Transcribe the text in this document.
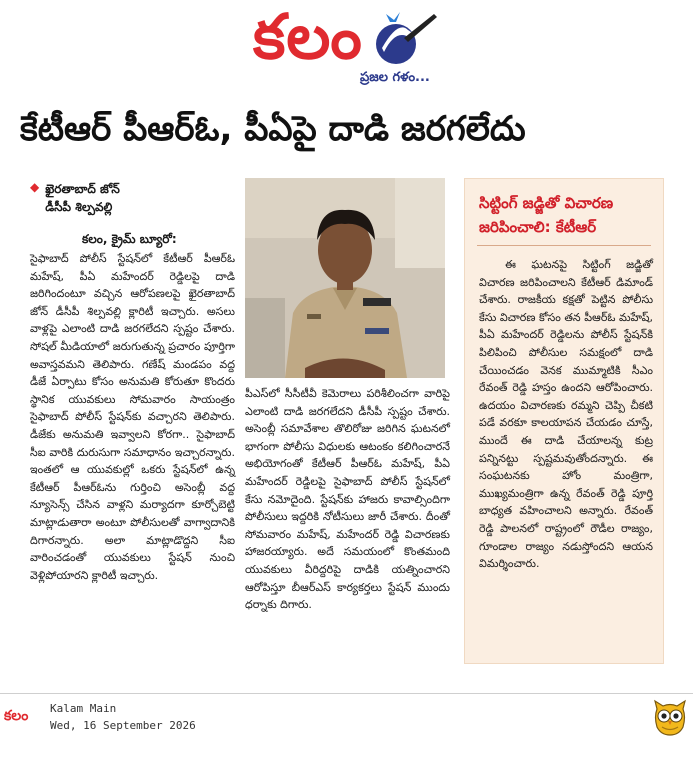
కలం
ప్రజల గళం...
కేటీఆర్ పీఆర్ఓ, పీఏపై దాడి జరగలేదు
◆ ఖైరతాబాద్ జోన్
డీసీపీ శిల్పవల్లి
కలం, క్రైమ్ బ్యూరో:
సైఫాబాద్ పోలీస్ స్టేషన్‌లో కేటీఆర్ పీఆర్ఓ మహేష్, పీఏ మహేందర్ రెడ్డిలపై దాడి జరిగిందంటూ వచ్చిన ఆరోపణలపై ఖైరతాబాద్ జోన్ డీసీపీ శిల్పవల్లి క్లారిటీ ఇచ్చారు. అసలు వాళ్లపై ఎలాంటి దాడి జరగలేదని స్పష్టం చేశారు. సోషల్ మీడియాలో జరుగుతున్న ప్రచారం పూర్తిగా అవాస్తవమని తెలిపారు. గణేష్ మండపం వద్ద డీజే ఏర్పాటు కోసం అనుమతి కోరుతూ కొందరు స్థానిక యువకులు సోమవారం సాయంత్రం సైఫాబాద్ పోలీస్ స్టేషన్‌కు వచ్చారని తెలిపారు. డీజేకు అనుమతి ఇవ్వాలని కోరగా.. సైఫాబాద్ సీఐ వారికి దురుసుగా సమాధానం ఇచ్చారన్నారు. ఇంతలో ఆ యువకుల్లో ఒకరు స్టేషన్‌లో ఉన్న కేటీఆర్ పీఆర్ఓను గుర్తించి అసెంబ్లీ వద్ద న్యూసెన్స్ చేసిన వాళ్లని మర్యాదగా కూర్చోబెట్టి మాట్లాడుతారా అంటూ పోలీసులతో వాగ్వాదానికి దిగారన్నారు. అలా మాట్లాడొద్దని సీఐ వారించడంతో యువకులు స్టేషన్ నుంచి వెళ్లిపోయారని క్లారిటీ ఇచ్చారు.
పీఎస్‌లో సీసీటీవీ కెమెరాలు పరిశీలించగా వారిపై ఎలాంటి దాడి జరగలేదని డీసీపీ స్పష్టం చేశారు. అసెంబ్లీ సమావేశాల తొలిరోజు జరిగిన ఘటనలో భాగంగా పోలీసు విధులకు ఆటంకం కలిగించారనే అభియోగంతో కేటీఆర్ పీఆర్ఓ మహేష్, పీఏ మహేందర్ రెడ్డిలపై సైఫాబాద్ పోలీస్ స్టేషన్‌లో కేసు నమోదైంది. స్టేషన్‌కు హాజరు కావాల్సిందిగా పోలీసులు ఇద్దరికి నోటీసులు జారీ చేశారు. దీంతో సోమవారం మహేష్, మహేందర్ రెడ్డి విచారణకు హాజరయ్యారు. అదే సమయంలో కొంతమంది యువకులు వీరిద్దరిపై దాడికి యత్నించారని ఆరోపిస్తూ బీఆర్ఎస్ కార్యకర్తలు స్టేషన్ ముందు ధర్నాకు దిగారు.
సిట్టింగ్ జడ్జితో విచారణ జరిపించాలి: కేటీఆర్
ఈ ఘటనపై సిట్టింగ్ జడ్జితో విచారణ జరిపించాలని కేటీఆర్ డిమాండ్ చేశారు. రాజకీయ కక్షతో పెట్టిన పోలీసు కేసు విచారణ కోసం తన పీఆర్ఓ మహేష్, పీఏ మహేందర్ రెడ్డిలను పోలీస్ స్టేషన్‌కి పిలిపించి పోలీసుల సమక్షంలో దాడి చేయించడం వెనక ముమ్మాటికి సీఎం రేవంత్ రెడ్డి హస్తం ఉందని ఆరోపించారు. ఉదయం విచారణకు రమ్మని చెప్పి చీకటి పడే వరకూ కాలయాపన చేయడం చూస్తే, ముందే ఈ దాడి చేయాలన్న కుట్ర పన్నినట్టు స్పష్టమవుతోందన్నారు. ఈ సంఘటనకు హోం మంత్రిగా, ముఖ్యమంత్రిగా ఉన్న రేవంత్ రెడ్డి పూర్తి బాధ్యత వహించాలని అన్నారు. రేవంత్ రెడ్డి పాలనలో రాష్ట్రంలో రౌడీల రాజ్యం, గూండాల రాజ్యం నడుస్తోందని ఆయన విమర్శించారు.
కలం Kalam Main
Wed, 16 September 2026
